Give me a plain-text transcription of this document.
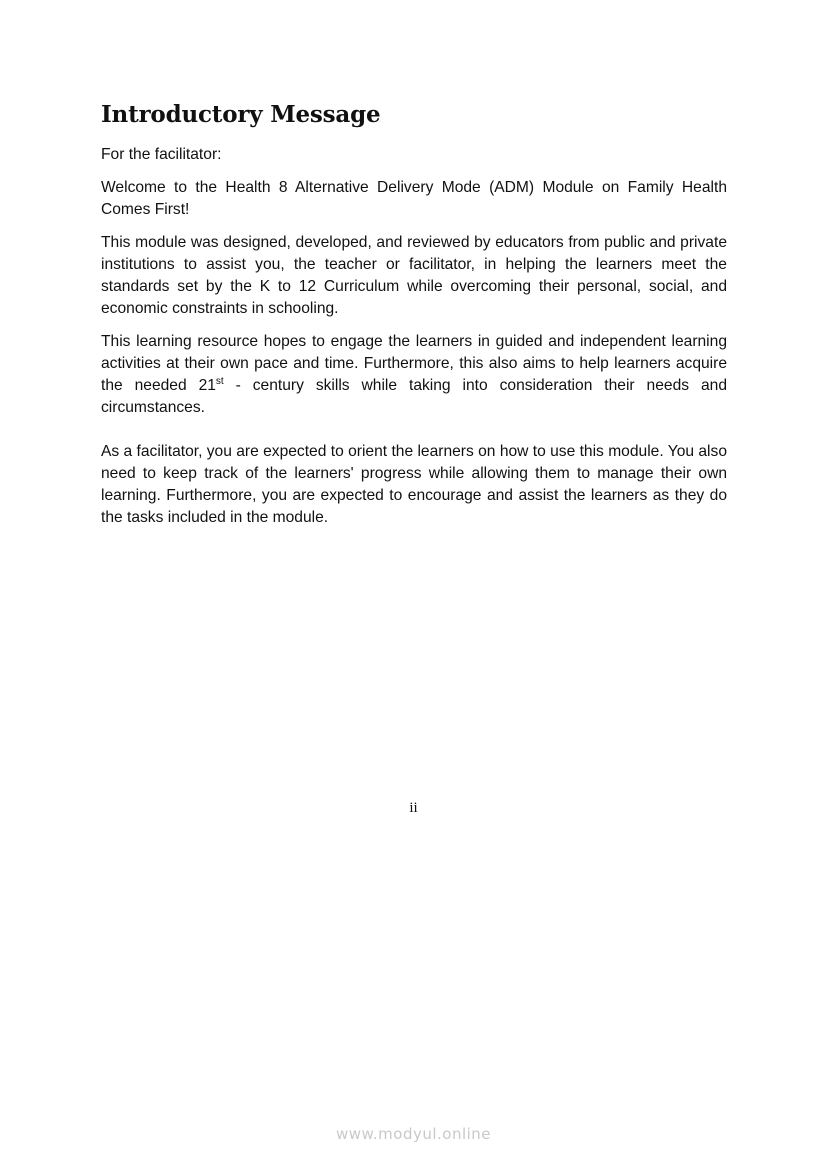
Introductory Message

For the facilitator:

Welcome to the Health 8 Alternative Delivery Mode (ADM) Module on Family Health Comes First!

This module was designed, developed, and reviewed by educators from public and private institutions to assist you, the teacher or facilitator, in helping the learners meet the standards set by the K to 12 Curriculum while overcoming their personal, social, and economic constraints in schooling.

This learning resource hopes to engage the learners in guided and independent learning activities at their own pace and time. Furthermore, this also aims to help learners acquire the needed 21st - century skills while taking into consideration their needs and circumstances.

As a facilitator, you are expected to orient the learners on how to use this module. You also need to keep track of the learners' progress while allowing them to manage their own learning. Furthermore, you are expected to encourage and assist the learners as they do the tasks included in the module.

ii
www.modyul.online
